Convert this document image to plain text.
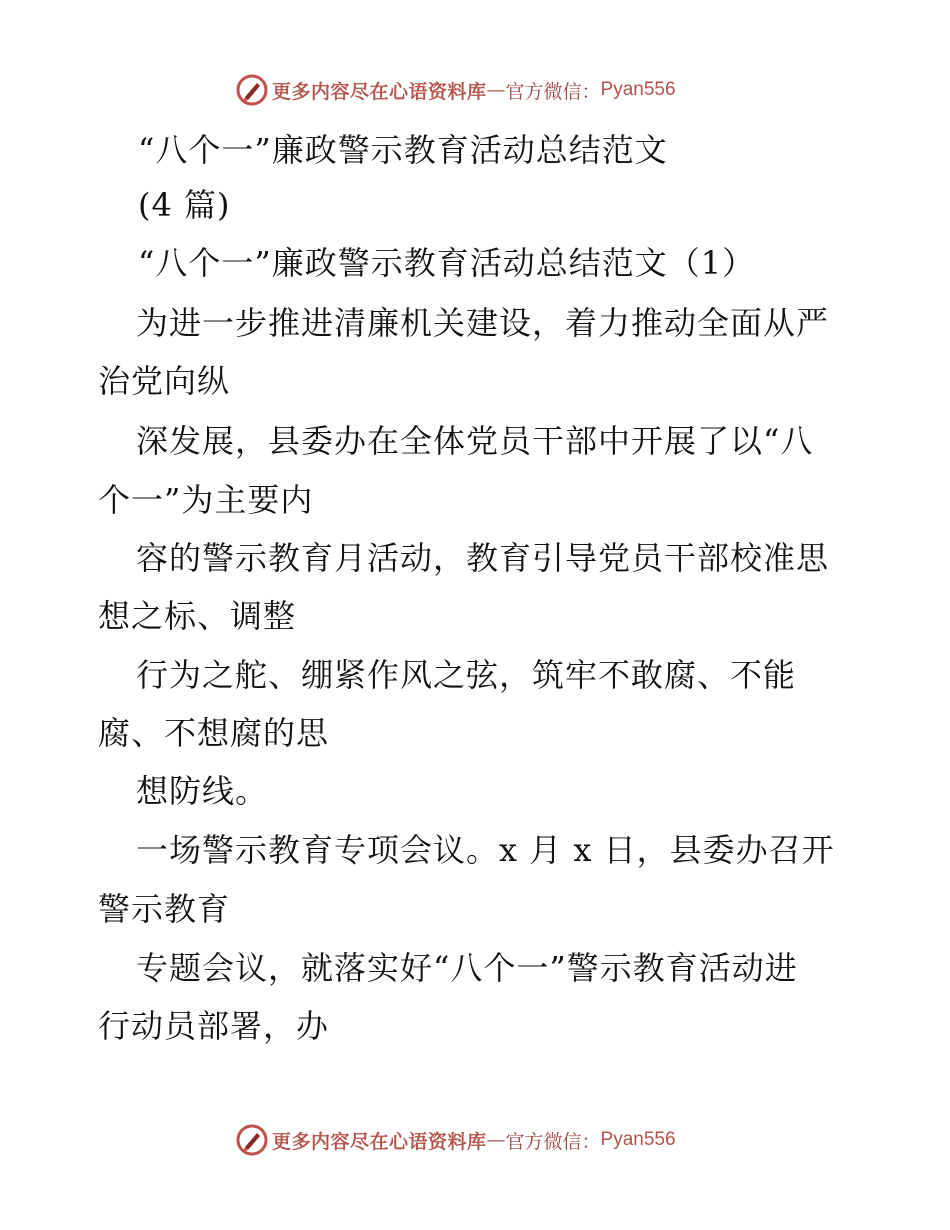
更多内容尽在心语资料库 — 官方微信： Pyan556
“八个一”廉政警示教育活动总结范文
(4 篇)
“八个一”廉政警示教育活动总结范文（1）
为进一步推进清廉机关建设，着力推动全面从严
治党向纵
深发展，县委办在全体党员干部中开展了以“八
个一”为主要内
容的警示教育月活动，教育引导党员干部校准思
想之标、调整
行为之舵、绷紧作风之弦，筑牢不敢腐、不能
腐、不想腐的思
想防线。
一场警示教育专项会议。x 月 x 日，县委办召开
警示教育
专题会议，就落实好“八个一”警示教育活动进
行动员部署，办
更多内容尽在心语资料库 — 官方微信： Pyan556
